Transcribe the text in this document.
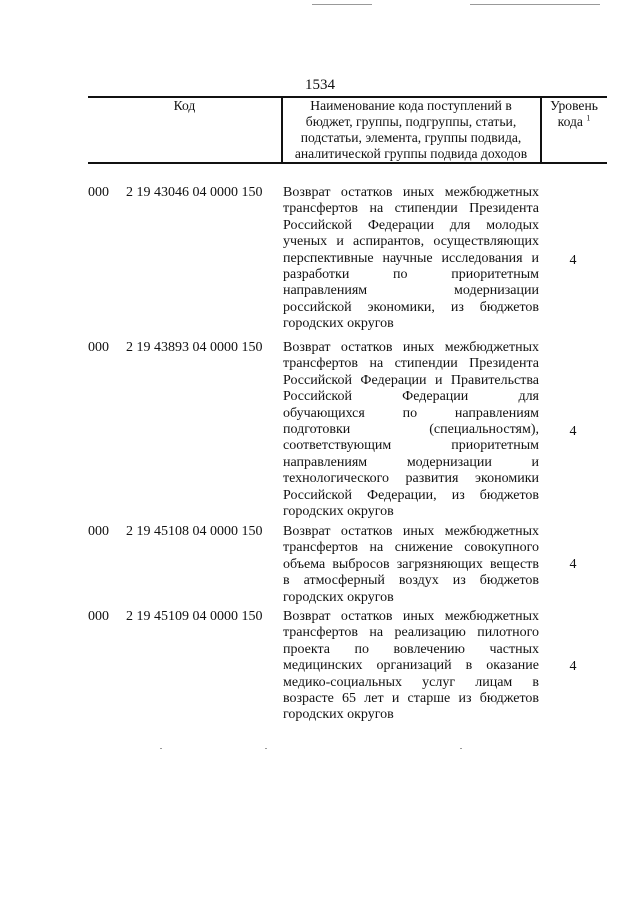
1534
Код	Наименование кода поступлений в
бюджет, группы, подгруппы, статьи,
подстатьи, элемента, группы подвида,
аналитической группы подвида доходов
Уровень
кода $^1$
000 2 19 43046 04 0000 150 Возврат остатков иных межбюджетных
трансфертов на стипендии Президента
Российской Федерации для молодых
ученых и аспирантов, осуществляющих
перспективные научные исследования и
разработки по приоритетным
направлениям модернизации
российской экономики, из бюджетов
городских округов
4
000 2 19 43893 04 0000 150 Возврат остатков иных межбюджетных
трансфертов на стипендии Президента
Российской Федерации и Правительства
Российской Федерации для
обучающихся по направлениям
подготовки (специальностям),
соответствующим приоритетным
направлениям модернизации и
технологического развития экономики
Российской Федерации, из бюджетов
городских округов
4
000 2 19 45108 04 0000 150 Возврат остатков иных межбюджетных
трансфертов на снижение совокупного
объема выбросов загрязняющих веществ
в атмосферный воздух из бюджетов
городских округов
4
000 2 19 45109 04 0000 150 Возврат остатков иных межбюджетных
трансфертов на реализацию пилотного
проекта по вовлечению частных
медицинских организаций в оказание
медико-социальных услуг лицам в
возрасте 65 лет и старше из бюджетов
городских округов
4
